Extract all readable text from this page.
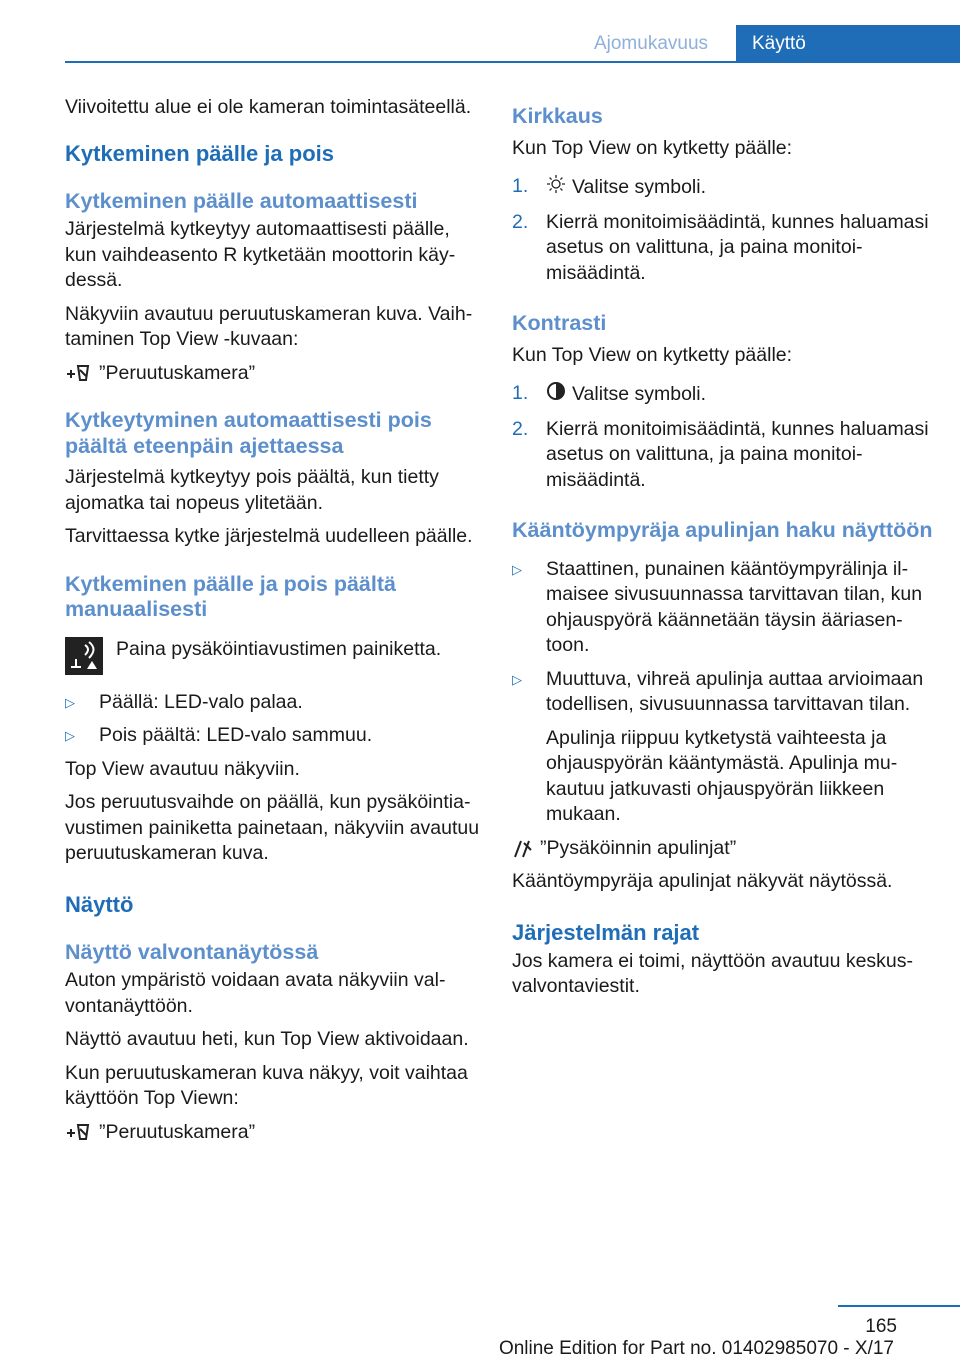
Ajomukavuus	Käyttö

Viivoitettu alue ei ole kameran toimintasäteellä.

Kytkeminen päälle ja pois
Kytkeminen päälle automaattisesti

Järjestelmä kytkeytyy automaattisesti päälle, kun vaihdeasento R kytketään moottorin käydessä.

Näkyviin avautuu peruutuskameran kuva. Vaihtaminen Top View -kuvaan:

”Peruutuskamera”
Kytkeytyminen automaattisesti pois päältä eteenpäin ajettaessa

Järjestelmä kytkeytyy pois päältä, kun tietty ajomatka tai nopeus ylitetään.

Tarvittaessa kytke järjestelmä uudelleen päälle.

Kytkeminen päälle ja pois päältä manuaalisesti

Paina pysäköintiavustimen painiketta.

▷ Päällä: LED-valo palaa.
▷ Pois päältä: LED-valo sammuu.

Top View avautuu näkyviin.

Jos peruutusvaihde on päällä, kun pysäköintiavustimen painiketta painetaan, näkyviin avautuu peruutuskameran kuva.

Näyttö
Näyttö valvontanäytössä

Auton ympäristö voidaan avata näkyviin valvontanäyttöön.

Näyttö avautuu heti, kun Top View aktivoidaan.

Kun peruutuskameran kuva näkyy, voit vaihtaa käyttöön Top Viewn:

”Peruutuskamera”
Kirkkaus

Kun Top View on kytketty päälle:

1. Valitse symboli.
2. Kierrä monitoimisäädintä, kunnes haluamasi asetus on valittuna, ja paina monitoimisäädintä.
Kontrasti

Kun Top View on kytketty päälle:

1. Valitse symboli.
2. Kierrä monitoimisäädintä, kunnes haluamasi asetus on valittuna, ja paina monitoimisäädintä.
Kääntöympyräja apulinjan haku näyttöön
▷ Staattinen, punainen kääntöympyrälinja ilmaisee sivusuunnassa tarvittavan tilan, kun ohjauspyörä käännetään täysin ääriasentoon.
▷ Muuttuva, vihreä apulinja auttaa arvioimaan todellisen, sivusuunnassa tarvittavan tilan.

Apulinja riippuu kytketystä vaihteesta ja ohjauspyörän kääntymästä. Apulinja mukautuu jatkuvasti ohjauspyörän liikkeen mukaan.

”Pysäköinnin apulinjat”

Kääntöympyräja apulinjat näkyvät näytössä.

Järjestelmän rajat

Jos kamera ei toimi, näyttöön avautuu keskusvalvontaviestit.

165
Online Edition for Part no. 01402985070 - X/17
